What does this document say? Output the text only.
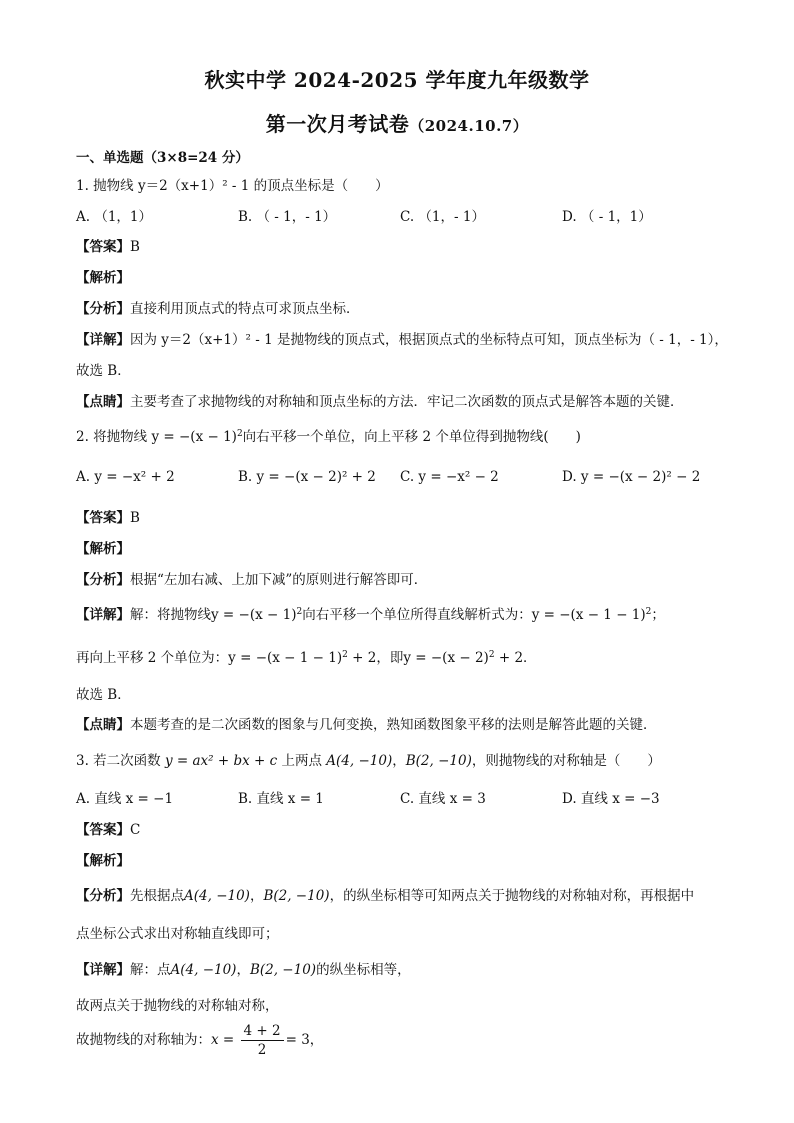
秋实中学 2024-2025 学年度九年级数学
第一次月考试卷（2024.10.7）
一、单选题（3×8=24 分）
1. 抛物线 y＝2（x+1）² - 1 的顶点坐标是（　　）
A. （1，1）	B. （ - 1，- 1）	C. （1，- 1）	D. （ - 1，1）
【答案】B
【解析】
【分析】直接利用顶点式的特点可求顶点坐标．
【详解】因为 y＝2（x+1）² - 1 是抛物线的顶点式，根据顶点式的坐标特点可知，顶点坐标为（ - 1，- 1），
故选 B．
【点睛】主要考查了求抛物线的对称轴和顶点坐标的方法．牢记二次函数的顶点式是解答本题的关键．
2. 将抛物线 $y = -(x - 1)^2$向右平移一个单位，向上平移 2 个单位得到抛物线(　　)
A. y = −x² + 2	B. y = −(x − 2)² + 2 C. y = −x² − 2	D. y = −(x − 2)² − 2
【答案】B
【解析】
【分析】根据“左加右减、上加下减”的原则进行解答即可．
【详解】解：将抛物线$y = -(x - 1)^2$向右平移一个单位所得直线解析式为：$y = -(x - 1 - 1)^2$；
再向上平移 2 个单位为：$y = -(x - 1 - 1)^2 + 2$，即$y = -(x - 2)^2 + 2$．
故选 B．
【点睛】本题考查的是二次函数的图象与几何变换，熟知函数图象平移的法则是解答此题的关键．
3. 若二次函数 y = ax² + bx + c 上两点 A(4, −10)，B(2, −10)，则抛物线的对称轴是（　　）
A. 直线 x = −1	B. 直线 x = 1	C. 直线 x = 3	D. 直线 x = −3
【答案】C
【解析】
【分析】先根据点A(4, −10)，B(2, −10)，的纵坐标相等可知两点关于抛物线的对称轴对称，再根据中
点坐标公式求出对称轴直线即可；
【详解】解：点A(4, −10)，B(2, −10)的纵坐标相等，
故两点关于抛物线的对称轴对称，
故抛物线的对称轴为：$x = \frac{4 + 2}{2} = 3$，
